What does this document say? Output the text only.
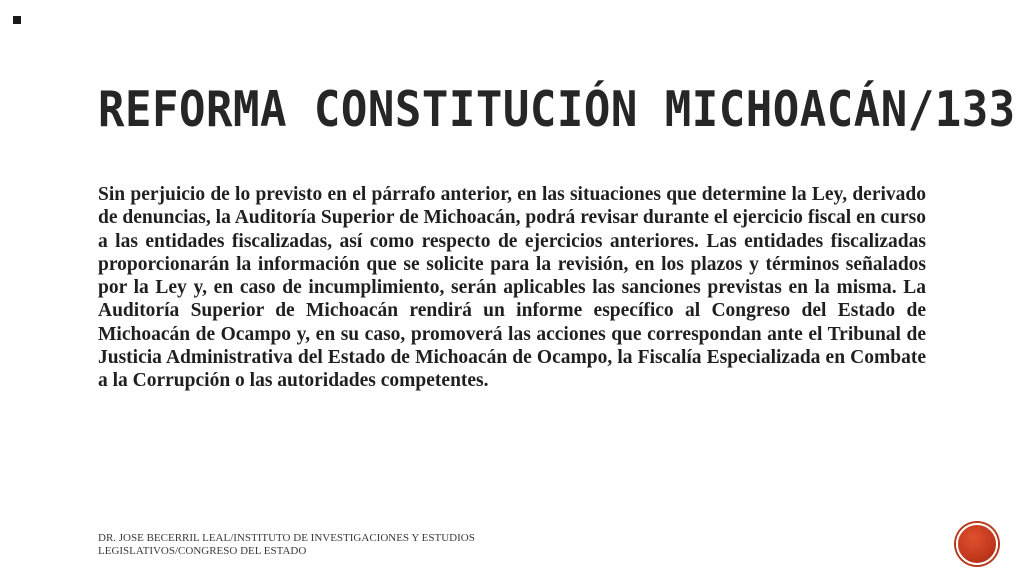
REFORMA CONSTITUCIÓN MICHOACÁN/133

Sin perjuicio de lo previsto en el párrafo anterior, en las situaciones que determine la Ley, derivado de denuncias, la Auditoría Superior de Michoacán, podrá revisar durante el ejercicio fiscal en curso a las entidades fiscalizadas, así como respecto de ejercicios anteriores. Las entidades fiscalizadas proporcionarán la información que se solicite para la revisión, en los plazos y términos señalados por la Ley y, en caso de incumplimiento, serán aplicables las sanciones previstas en la misma. La Auditoría Superior de Michoacán rendirá un informe específico al Congreso del Estado de Michoacán de Ocampo y, en su caso, promoverá las acciones que correspondan ante el Tribunal de Justicia Administrativa del Estado de Michoacán de Ocampo, la Fiscalía Especializada en Combate a la Corrupción o las autoridades competentes.

DR. JOSE BECERRIL LEAL/INSTITUTO DE INVESTIGACIONES Y ESTUDIOS LEGISLATIVOS/CONGRESO DEL ESTADO
